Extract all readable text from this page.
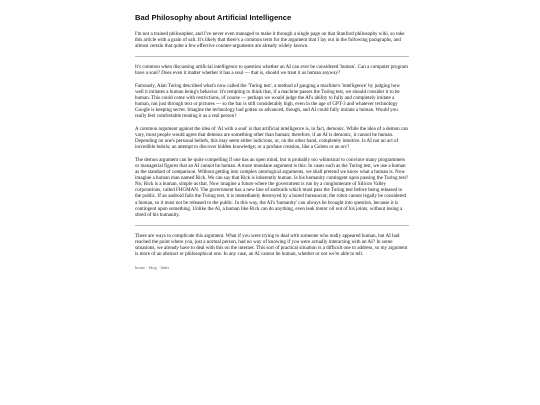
Bad Philosophy about Artificial Intelligence

I'm not a trained philosopher, and I've never even managed to make it through a single page on that Stanford philosophy wiki, so take this article with a grain of salt. It's likely that there's a common term for the argument that I lay out in the following paragraphs, and almost certain that quite a few effective counter-arguments are already widely known.

It's common when discussing artificial intelligence to question whether an AI can ever be considered 'human'. Can a computer program have a soul? Does even it matter whether it has a soul — that is, should we treat it as human anyway?

Famously, Alan Turing described what's now called the 'Turing test', a method of gauging a machine's 'intelligence' by judging how well it imitates a human being's behavior. It's tempting to think that, if a machine passes the Turing test, we should consider it to be human. This could come with restrictions, of course — perhaps we would judge the AI's ability to fully and completely imitate a human, not just through text or pictures — so the bar is still considerably high, even in the age of GPT-3 and whatever technology Google is keeping secret. Imagine the technology had gotten so advanced, though, and AI could fully imitate a human. Would you really feel comfortable treating it as a real person?

A common argument against the idea of 'AI with a soul' is that artificial intelligence is, in fact, demonic. While the idea of a demon can vary, most people would agree that demons are something other than human; therefore, if an AI is demonic, it cannot be human. Depending on one's personal beliefs, this may seem either ludicrous, or, on the other hand, completely intuitive. Is AI not an act of incredible hubris; an attempt to discover hidden knowledge; or a profane creation, like a Golem or an orc?

The demon argument can be quite compelling if one has an open mind, but is probably too whimsical to convince many programmers or managerial figures that an AI cannot be human. A more mundane argument is this: In cases such as the Turing test, we use a human as the standard of comparison. Without getting into complex ontological arguments, we shall pretend we know what a human is. Now imagine a human man named Rick. We can say that Rick is inherently human. Is his humanity contingent upon passing the Turing test? No; Rick is a human, simple as that. Now imagine a future where the government is run by a conglomerate of Silicon Valley corporations, called FHGMAN. The government has a new line of androids which must pass the Turing test before being released to the public. If an android fails the Turing test, it is immediately destroyed by a bored bureaucrat; the robot cannot legally be considered a human, so it must not be released to the public. In this way, the AI's 'humanity' can always be brought into question, because it is contingent upon something. Unlike the AI, a human like Rick can do anything, even leak motor oil out of his joints, without losing a shred of his humanity.

There are ways to complicate this argument. What if you were trying to deal with someone who really appeared human, but AI had reached the point where you, just a normal person, had no way of knowing if you were actually interacting with an AI? In some situations, we already have to deal with this on the internet. This sort of practical situation is a difficult one to address, so my argument is more of an abstract or philosophical one. In any case, an AI cannot be human, whether or not we're able to tell.

home · blog · links
